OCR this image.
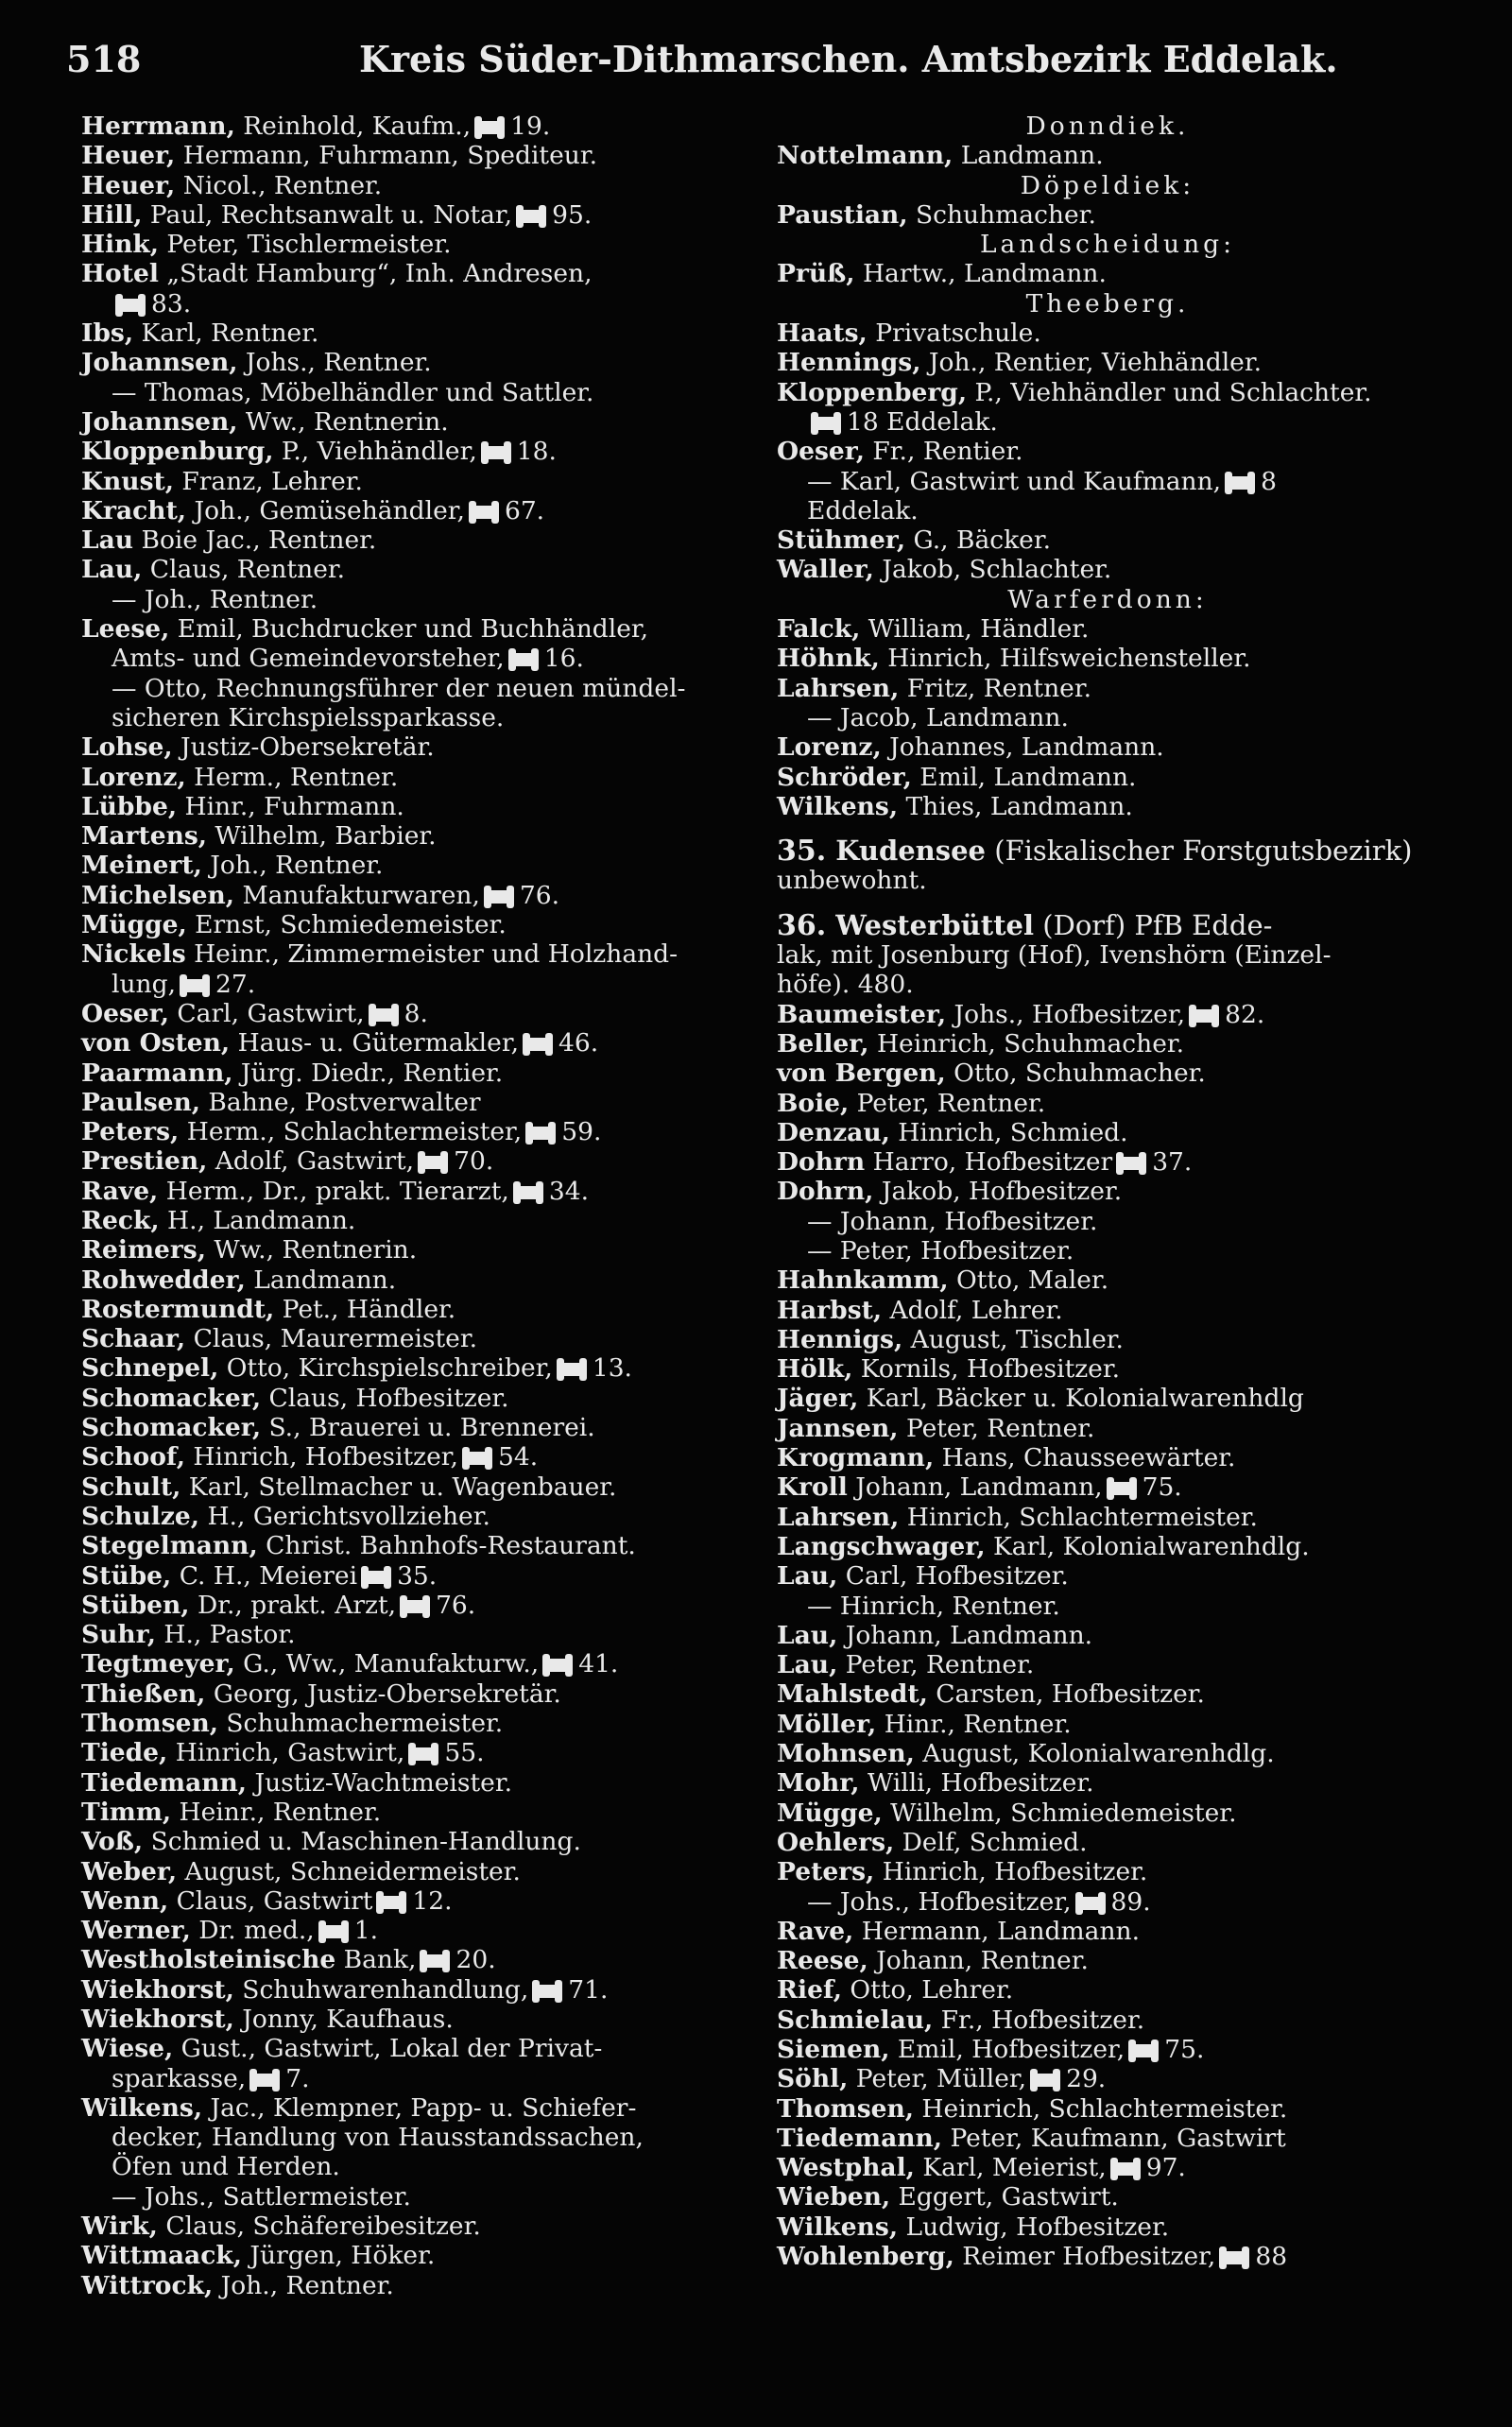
518	Kreis Süder-Dithmarschen. Amtsbezirk Eddelak.
Herrmann, Reinhold, Kaufm., 19.
Heuer, Hermann, Fuhrmann, Spediteur.
Heuer, Nicol., Rentner.
Hill, Paul, Rechtsanwalt u. Notar, 95.
Hink, Peter, Tischlermeister.
Hotel „Stadt Hamburg“, Inh. Andresen,
83.
Ibs, Karl, Rentner.
Johannsen, Johs., Rentner.
— Thomas, Möbelhändler und Sattler.
Johannsen, Ww., Rentnerin.
Kloppenburg, P., Viehhändler, 18.
Knust, Franz, Lehrer.
Kracht, Joh., Gemüsehändler, 67.
Lau Boie Jac., Rentner.
Lau, Claus, Rentner.
— Joh., Rentner.
Leese, Emil, Buchdrucker und Buchhändler,
Amts- und Gemeindevorsteher, 16.
— Otto, Rechnungsführer der neuen mündel-
sicheren Kirchspielssparkasse.
Lohse, Justiz-Obersekretär.
Lorenz, Herm., Rentner.
Lübbe, Hinr., Fuhrmann.
Martens, Wilhelm, Barbier.
Meinert, Joh., Rentner.
Michelsen, Manufakturwaren, 76.
Mügge, Ernst, Schmiedemeister.
Nickels Heinr., Zimmermeister und Holzhand-
lung, 27.
Oeser, Carl, Gastwirt, 8.
von Osten, Haus- u. Gütermakler, 46.
Paarmann, Jürg. Diedr., Rentier.
Paulsen, Bahne, Postverwalter
Peters, Herm., Schlachtermeister, 59.
Prestien, Adolf, Gastwirt, 70.
Rave, Herm., Dr., prakt. Tierarzt, 34.
Reck, H., Landmann.
Reimers, Ww., Rentnerin.
Rohwedder, Landmann.
Rostermundt, Pet., Händler.
Schaar, Claus, Maurermeister.
Schnepel, Otto, Kirchspielschreiber, 13.
Schomacker, Claus, Hofbesitzer.
Schomacker, S., Brauerei u. Brennerei.
Schoof, Hinrich, Hofbesitzer, 54.
Schult, Karl, Stellmacher u. Wagenbauer.
Schulze, H., Gerichtsvollzieher.
Stegelmann, Christ. Bahnhofs-Restaurant.
Stübe, C. H., Meierei 35.
Stüben, Dr., prakt. Arzt, 76.
Suhr, H., Pastor.
Tegtmeyer, G., Ww., Manufakturw., 41.
Thießen, Georg, Justiz-Obersekretär.
Thomsen, Schuhmachermeister.
Tiede, Hinrich, Gastwirt, 55.
Tiedemann, Justiz-Wachtmeister.
Timm, Heinr., Rentner.
Voß, Schmied u. Maschinen-Handlung.
Weber, August, Schneidermeister.
Wenn, Claus, Gastwirt 12.
Werner, Dr. med., 1.
Westholsteinische Bank, 20.
Wiekhorst, Schuhwarenhandlung, 71.
Wiekhorst, Jonny, Kaufhaus.
Wiese, Gust., Gastwirt, Lokal der Privat-
sparkasse, 7.
Wilkens, Jac., Klempner, Papp- u. Schiefer-
decker, Handlung von Hausstandssachen,
Öfen und Herden.
— Johs., Sattlermeister.
Wirk, Claus, Schäfereibesitzer.
Wittmaack, Jürgen, Höker.
Wittrock, Joh., Rentner.
Donndiek.
Nottelmann, Landmann.
Döpeldiek:
Paustian, Schuhmacher.
Landscheidung:
Prüß, Hartw., Landmann.
Theeberg.
Haats, Privatschule.
Hennings, Joh., Rentier, Viehhändler.
Kloppenberg, P., Viehhändler und Schlachter.
18 Eddelak.
Oeser, Fr., Rentier.
— Karl, Gastwirt und Kaufmann, 8
Eddelak.
Stühmer, G., Bäcker.
Waller, Jakob, Schlachter.
Warferdonn:
Falck, William, Händler.
Höhnk, Hinrich, Hilfsweichensteller.
Lahrsen, Fritz, Rentner.
— Jacob, Landmann.
Lorenz, Johannes, Landmann.
Schröder, Emil, Landmann.
Wilkens, Thies, Landmann.
35. Kudensee (Fiskalischer Forstgutsbezirk)
unbewohnt.
36. Westerbüttel (Dorf) PfB Edde-
lak, mit Josenburg (Hof), Ivenshörn (Einzel-
höfe). 480.
Baumeister, Johs., Hofbesitzer, 82.
Beller, Heinrich, Schuhmacher.
von Bergen, Otto, Schuhmacher.
Boie, Peter, Rentner.
Denzau, Hinrich, Schmied.
Dohrn Harro, Hofbesitzer 37.
Dohrn, Jakob, Hofbesitzer.
— Johann, Hofbesitzer.
— Peter, Hofbesitzer.
Hahnkamm, Otto, Maler.
Harbst, Adolf, Lehrer.
Hennigs, August, Tischler.
Hölk, Kornils, Hofbesitzer.
Jäger, Karl, Bäcker u. Kolonialwarenhdlg
Jannsen, Peter, Rentner.
Krogmann, Hans, Chausseewärter.
Kroll Johann, Landmann, 75.
Lahrsen, Hinrich, Schlachtermeister.
Langschwager, Karl, Kolonialwarenhdlg.
Lau, Carl, Hofbesitzer.
— Hinrich, Rentner.
Lau, Johann, Landmann.
Lau, Peter, Rentner.
Mahlstedt, Carsten, Hofbesitzer.
Möller, Hinr., Rentner.
Mohnsen, August, Kolonialwarenhdlg.
Mohr, Willi, Hofbesitzer.
Mügge, Wilhelm, Schmiedemeister.
Oehlers, Delf, Schmied.
Peters, Hinrich, Hofbesitzer.
— Johs., Hofbesitzer, 89.
Rave, Hermann, Landmann.
Reese, Johann, Rentner.
Rief, Otto, Lehrer.
Schmielau, Fr., Hofbesitzer.
Siemen, Emil, Hofbesitzer, 75.
Söhl, Peter, Müller, 29.
Thomsen, Heinrich, Schlachtermeister.
Tiedemann, Peter, Kaufmann, Gastwirt
Westphal, Karl, Meierist, 97.
Wieben, Eggert, Gastwirt.
Wilkens, Ludwig, Hofbesitzer.
Wohlenberg, Reimer Hofbesitzer, 88
